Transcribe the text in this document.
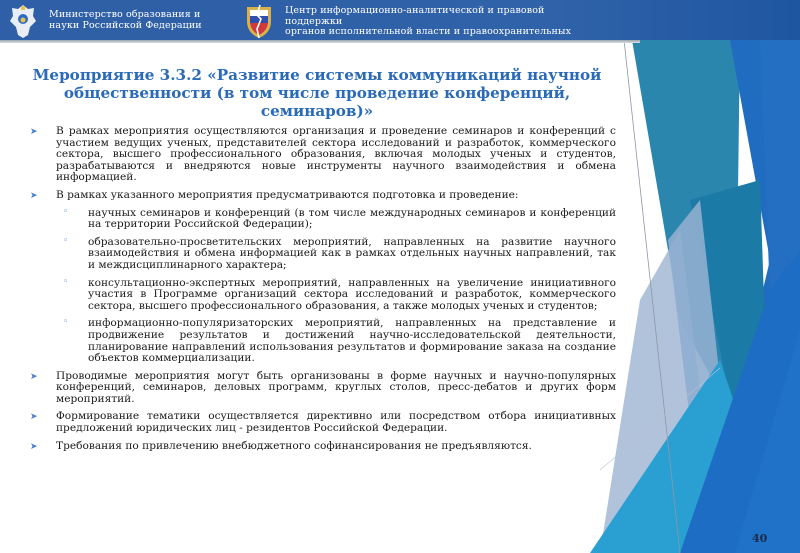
Министерство образования и
науки Российской Федерации
Центр информационно-аналитической и правовой
поддержки
органов исполнительной власти и правоохранительных
Мероприятие 3.3.2 «Развитие системы коммуникаций научной общественности (в том числе проведение конференций, семинаров)»
➤ В рамках мероприятия осуществляются организация и проведение семинаров и конференций с участием ведущих ученых, представителей сектора исследований и разработок, коммерческого сектора, высшего профессионального образования, включая молодых ученых и студентов, разрабатываются и внедряются новые инструменты научного взаимодействия и обмена информацией.
➤ В рамках указанного мероприятия предусматриваются подготовка и проведение:
◦ научных семинаров и конференций (в том числе международных семинаров и конференций на территории Российской Федерации);
◦ образовательно-просветительских мероприятий, направленных на развитие научного взаимодействия и обмена информацией как в рамках отдельных научных направлений, так и междисциплинарного характера;
◦ консультационно-экспертных мероприятий, направленных на увеличение инициативного участия в Программе организаций сектора исследований и разработок, коммерческого сектора, высшего профессионального образования, а также молодых ученых и студентов;
◦ информационно-популяризаторских мероприятий, направленных на представление и продвижение результатов и достижений научно-исследовательской деятельности, планирование направлений использования результатов и формирование заказа на создание объектов коммерциализации.
➤ Проводимые мероприятия могут быть организованы в форме научных и научно-популярных конференций, семинаров, деловых программ, круглых столов, пресс-дебатов и других форм мероприятий.
➤ Формирование тематики осуществляется директивно или посредством отбора инициативных предложений юридических лиц - резидентов Российской Федерации.
➤ Требования по привлечению внебюджетного софинансирования не предъявляются.
40
